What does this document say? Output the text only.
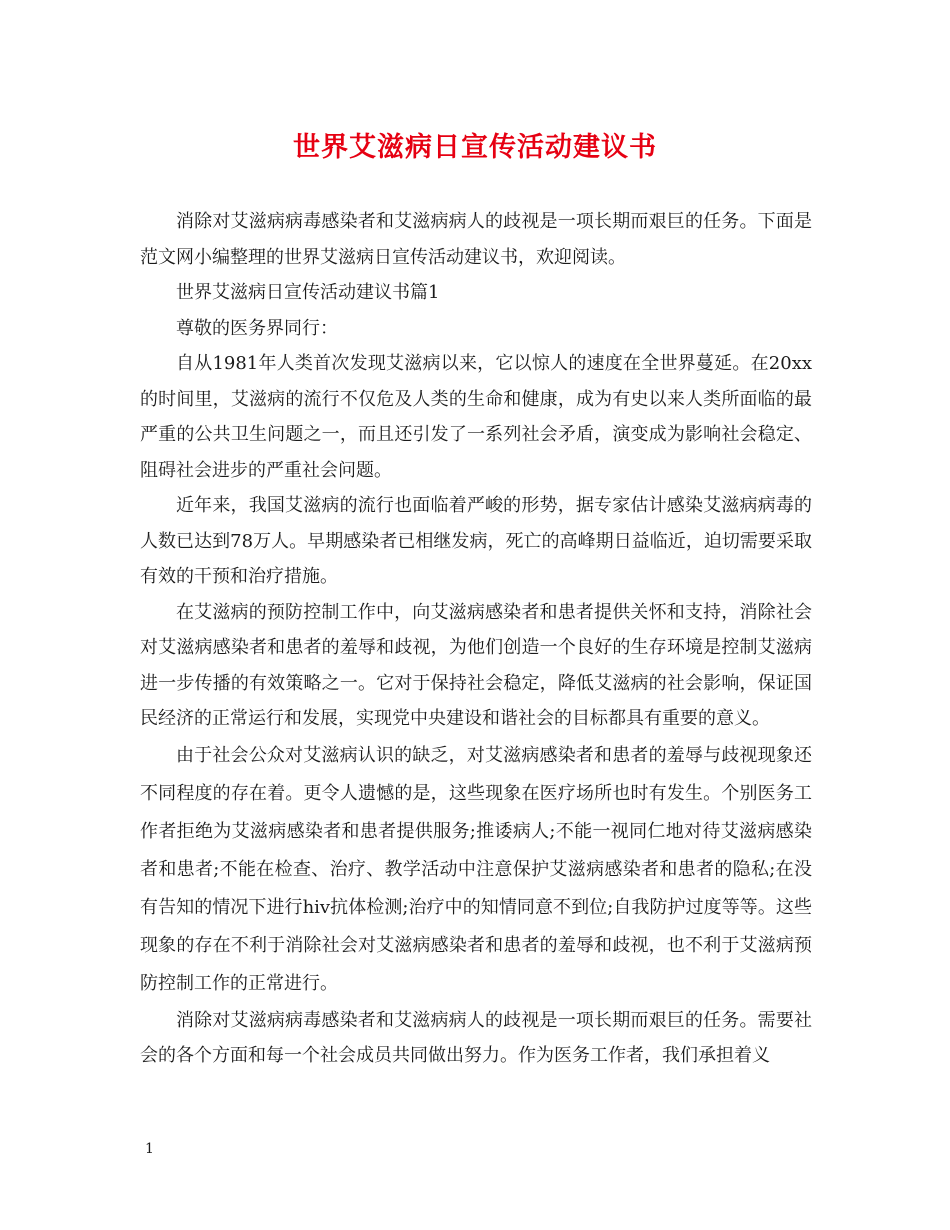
世界艾滋病日宣传活动建议书

消除对艾滋病病毒感染者和艾滋病病人的歧视是一项长期而艰巨的任务。下面是范文网小编整理的世界艾滋病日宣传活动建议书，欢迎阅读。

世界艾滋病日宣传活动建议书篇1

尊敬的医务界同行：

自从1981年人类首次发现艾滋病以来，它以惊人的速度在全世界蔓延。在20xx的时间里，艾滋病的流行不仅危及人类的生命和健康，成为有史以来人类所面临的最严重的公共卫生问题之一，而且还引发了一系列社会矛盾，演变成为影响社会稳定、阻碍社会进步的严重社会问题。

近年来，我国艾滋病的流行也面临着严峻的形势，据专家估计感染艾滋病病毒的人数已达到78万人。早期感染者已相继发病，死亡的高峰期日益临近，迫切需要采取有效的干预和治疗措施。

在艾滋病的预防控制工作中，向艾滋病感染者和患者提供关怀和支持，消除社会对艾滋病感染者和患者的羞辱和歧视，为他们创造一个良好的生存环境是控制艾滋病进一步传播的有效策略之一。它对于保持社会稳定，降低艾滋病的社会影响，保证国民经济的正常运行和发展，实现党中央建设和谐社会的目标都具有重要的意义。

由于社会公众对艾滋病认识的缺乏，对艾滋病感染者和患者的羞辱与歧视现象还不同程度的存在着。更令人遗憾的是，这些现象在医疗场所也时有发生。个别医务工作者拒绝为艾滋病感染者和患者提供服务;推诿病人;不能一视同仁地对待艾滋病感染者和患者;不能在检查、治疗、教学活动中注意保护艾滋病感染者和患者的隐私;在没有告知的情况下进行hiv抗体检测;治疗中的知情同意不到位;自我防护过度等等。这些现象的存在不利于消除社会对艾滋病感染者和患者的羞辱和歧视，也不利于艾滋病预防控制工作的正常进行。

消除对艾滋病病毒感染者和艾滋病病人的歧视是一项长期而艰巨的任务。需要社会的各个方面和每一个社会成员共同做出努力。作为医务工作者，我们承担着义

1
